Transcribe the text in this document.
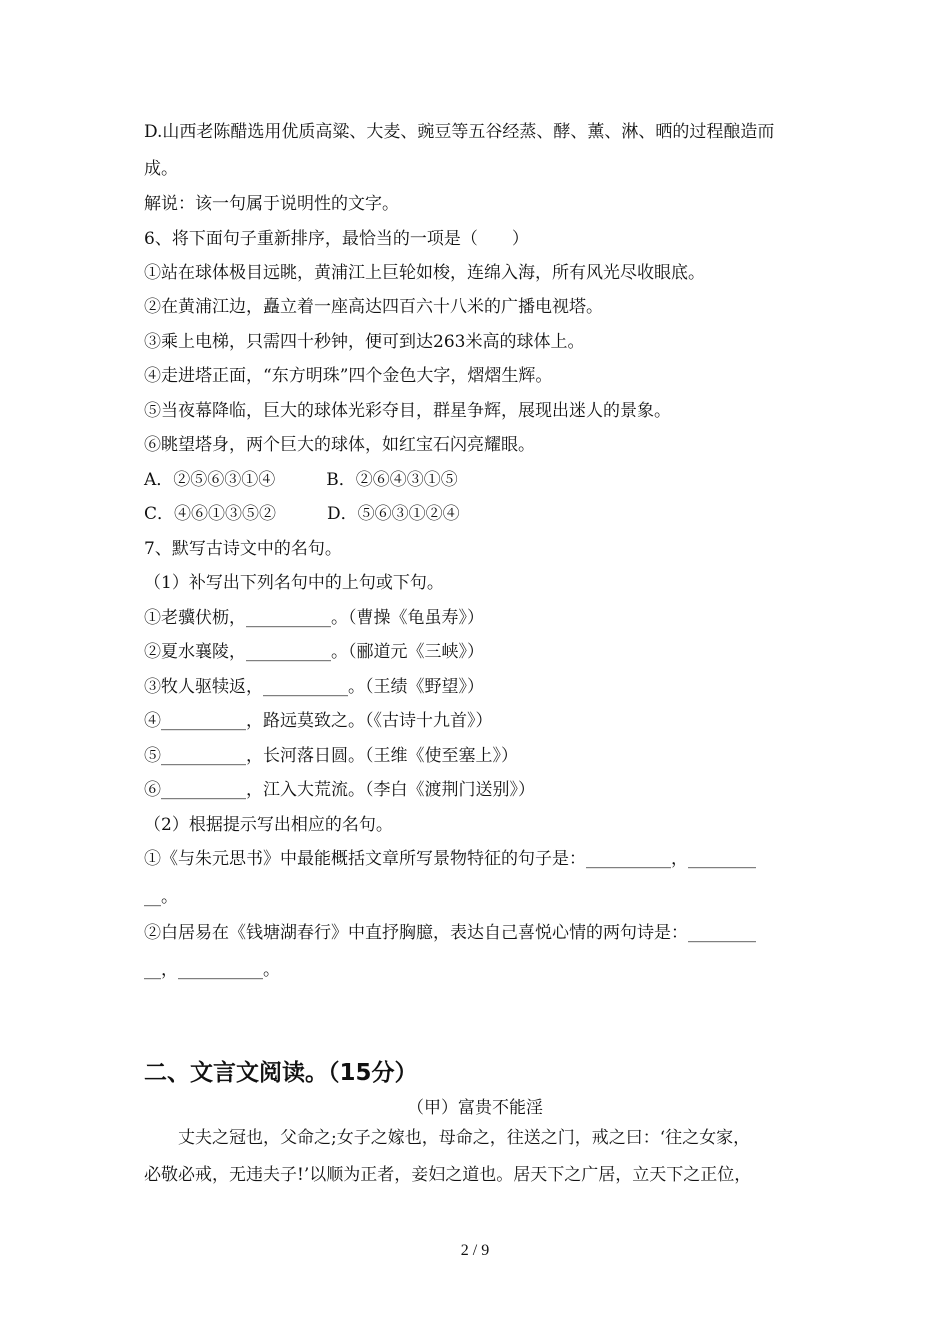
D.山西老陈醋选用优质高粱、大麦、豌豆等五谷经蒸、酵、薰、淋、晒的过程酿造而
成。
解说：该一句属于说明性的文字。
6、将下面句子重新排序，最恰当的一项是（　　）
①站在球体极目远眺，黄浦江上巨轮如梭，连绵入海，所有风光尽收眼底。
②在黄浦江边，矗立着一座高达四百六十八米的广播电视塔。
③乘上电梯，只需四十秒钟，便可到达263米高的球体上。
④走进塔正面，“东方明珠”四个金色大字，熠熠生辉。
⑤当夜幕降临，巨大的球体光彩夺目，群星争辉，展现出迷人的景象。
⑥眺望塔身，两个巨大的球体，如红宝石闪亮耀眼。
A．②⑤⑥③①④　　　B．②⑥④③①⑤
C．④⑥①③⑤②　　　D．⑤⑥③①②④
7、默写古诗文中的名句。
（1）补写出下列名句中的上句或下句。
①老骥伏枥，__________。（曹操《龟虽寿》）
②夏水襄陵，__________。（郦道元《三峡》）
③牧人驱犊返，__________。（王绩《野望》）
④__________，路远莫致之。（《古诗十九首》）
⑤__________，长河落日圆。（王维《使至塞上》）
⑥__________，江入大荒流。（李白《渡荆门送别》）
（2）根据提示写出相应的名句。
①《与朱元思书》中最能概括文章所写景物特征的句子是：__________，________
__。
②白居易在《钱塘湖春行》中直抒胸臆，表达自己喜悦心情的两句诗是：________
__，__________。
二、文言文阅读。（15分）
（甲）富贵不能淫
丈夫之冠也，父命之;女子之嫁也，母命之，往送之门，戒之曰：‘往之女家，
必敬必戒，无违夫子!’以顺为正者，妾妇之道也。居天下之广居，立天下之正位，
2 / 9
